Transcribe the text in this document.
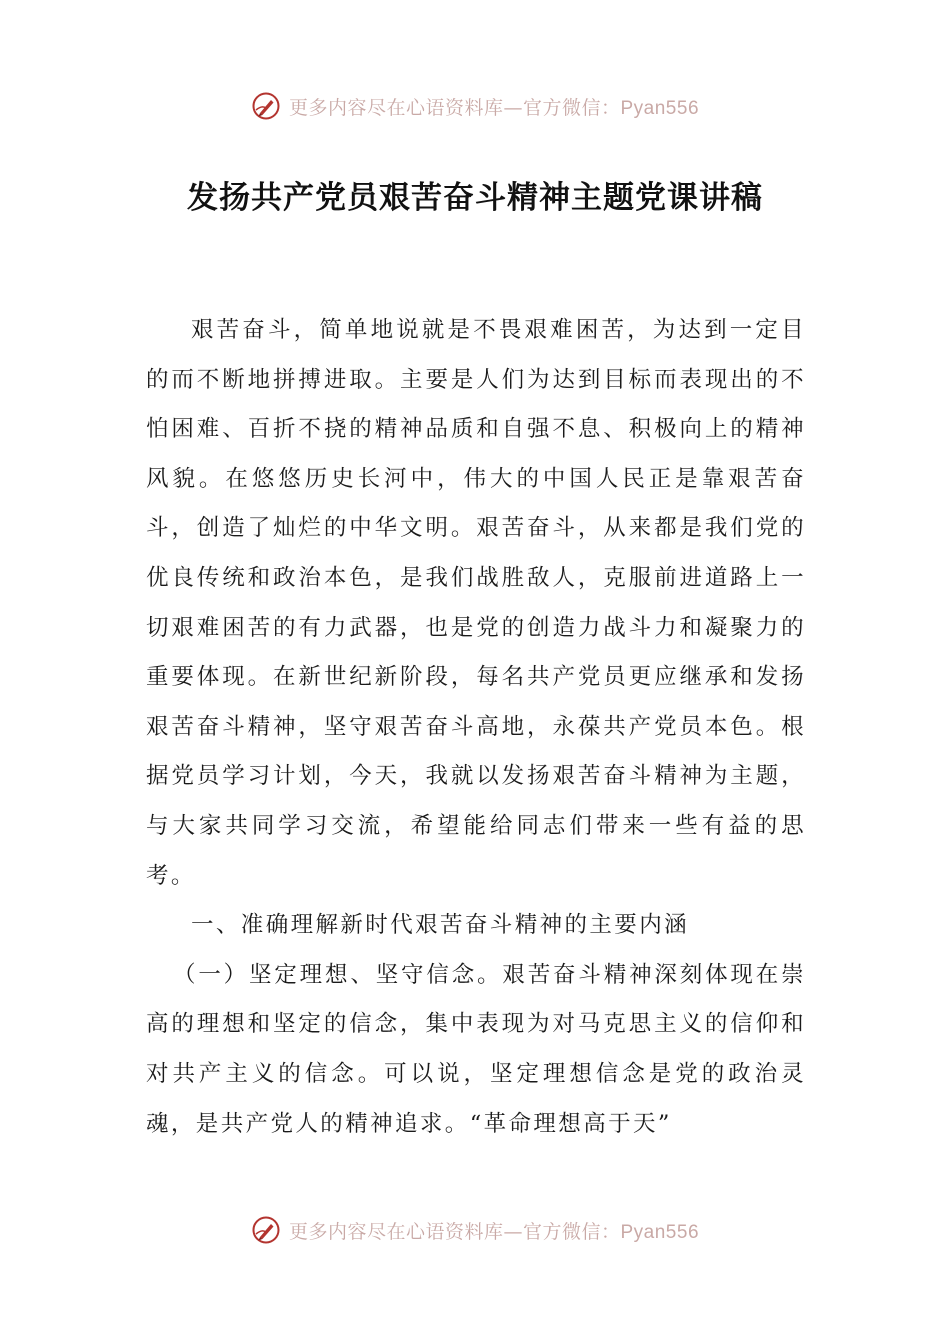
更多内容尽在心语资料库—官方微信：Pyan556
发扬共产党员艰苦奋斗精神主题党课讲稿

艰苦奋斗，简单地说就是不畏艰难困苦，为达到一定目的而不断地拼搏进取。主要是人们为达到目标而表现出的不怕困难、百折不挠的精神品质和自强不息、积极向上的精神风貌。在悠悠历史长河中，伟大的中国人民正是靠艰苦奋斗，创造了灿烂的中华文明。艰苦奋斗，从来都是我们党的优良传统和政治本色，是我们战胜敌人，克服前进道路上一切艰难困苦的有力武器，也是党的创造力战斗力和凝聚力的重要体现。在新世纪新阶段，每名共产党员更应继承和发扬艰苦奋斗精神，坚守艰苦奋斗高地，永葆共产党员本色。根据党员学习计划，今天，我就以发扬艰苦奋斗精神为主题，与大家共同学习交流，希望能给同志们带来一些有益的思考。

一、准确理解新时代艰苦奋斗精神的主要内涵

（一）坚定理想、坚守信念。艰苦奋斗精神深刻体现在崇高的理想和坚定的信念，集中表现为对马克思主义的信仰和对共产主义的信念。可以说，坚定理想信念是党的政治灵魂，是共产党人的精神追求。“革命理想高于天”

更多内容尽在心语资料库—官方微信：Pyan556
